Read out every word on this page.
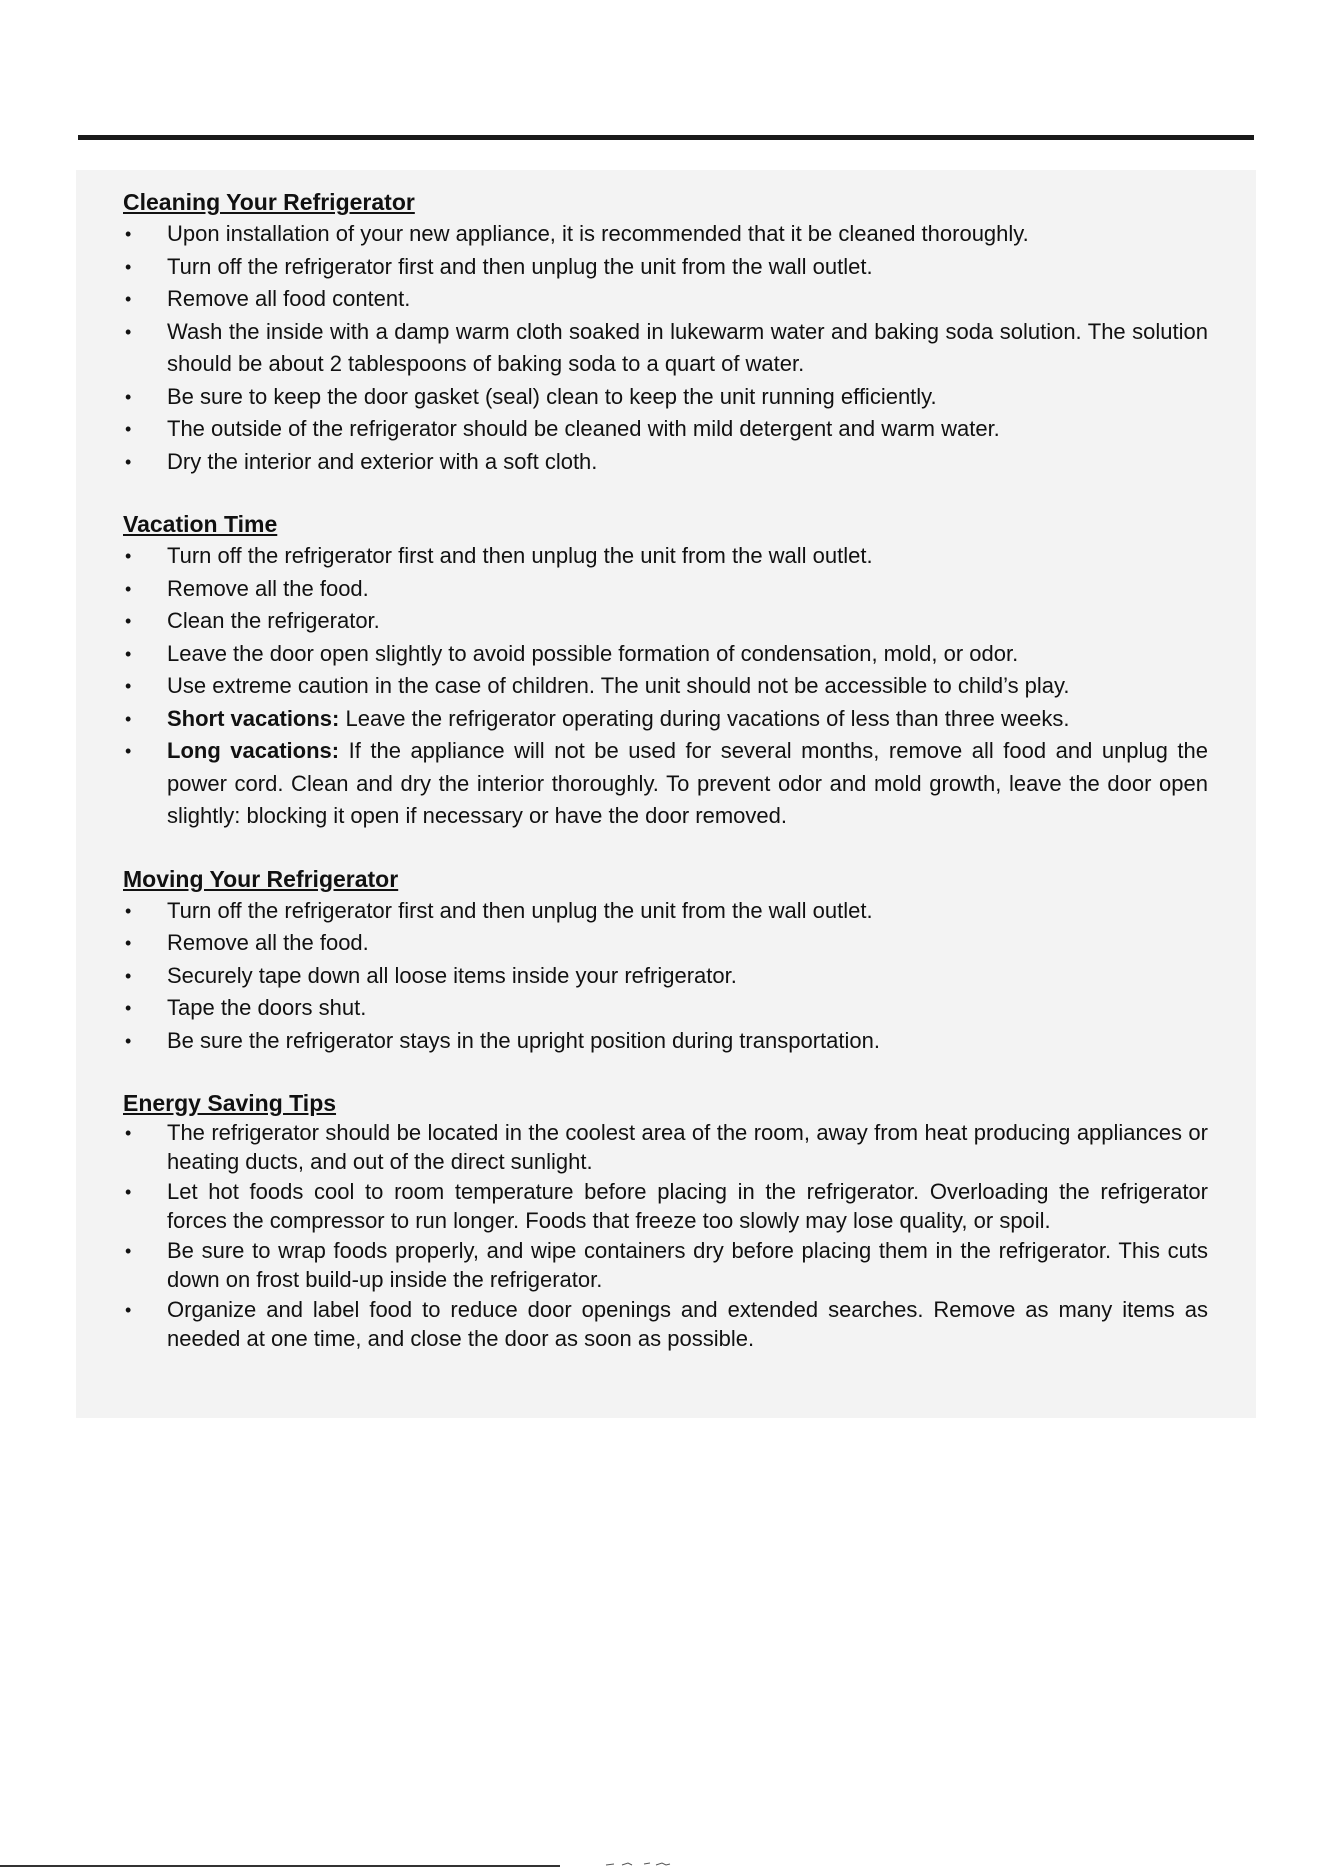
Cleaning Your Refrigerator
• Upon installation of your new appliance, it is recommended that it be cleaned thoroughly.
• Turn off the refrigerator first and then unplug the unit from the wall outlet.
• Remove all food content.
• Wash the inside with a damp warm cloth soaked in lukewarm water and baking soda solution. The solution should be about 2 tablespoons of baking soda to a quart of water.
• Be sure to keep the door gasket (seal) clean to keep the unit running efficiently.
• The outside of the refrigerator should be cleaned with mild detergent and warm water.
• Dry the interior and exterior with a soft cloth.
Vacation Time
• Turn off the refrigerator first and then unplug the unit from the wall outlet.
• Remove all the food.
• Clean the refrigerator.
• Leave the door open slightly to avoid possible formation of condensation, mold, or odor.
• Use extreme caution in the case of children. The unit should not be accessible to child’s play.
• Short vacations: Leave the refrigerator operating during vacations of less than three weeks.
• Long vacations: If the appliance will not be used for several months, remove all food and unplug the power cord. Clean and dry the interior thoroughly. To prevent odor and mold growth, leave the door open slightly: blocking it open if necessary or have the door removed.
Moving Your Refrigerator
• Turn off the refrigerator first and then unplug the unit from the wall outlet.
• Remove all the food.
• Securely tape down all loose items inside your refrigerator.
• Tape the doors shut.
• Be sure the refrigerator stays in the upright position during transportation.
Energy Saving Tips
• The refrigerator should be located in the coolest area of the room, away from heat producing appliances or heating ducts, and out of the direct sunlight.
• Let hot foods cool to room temperature before placing in the refrigerator. Overloading the refrigerator forces the compressor to run longer. Foods that freeze too slowly may lose quality, or spoil.
• Be sure to wrap foods properly, and wipe containers dry before placing them in the refrigerator. This cuts down on frost build-up inside the refrigerator.
• Organize and label food to reduce door openings and extended searches. Remove as many items as needed at one time, and close the door as soon as possible.
